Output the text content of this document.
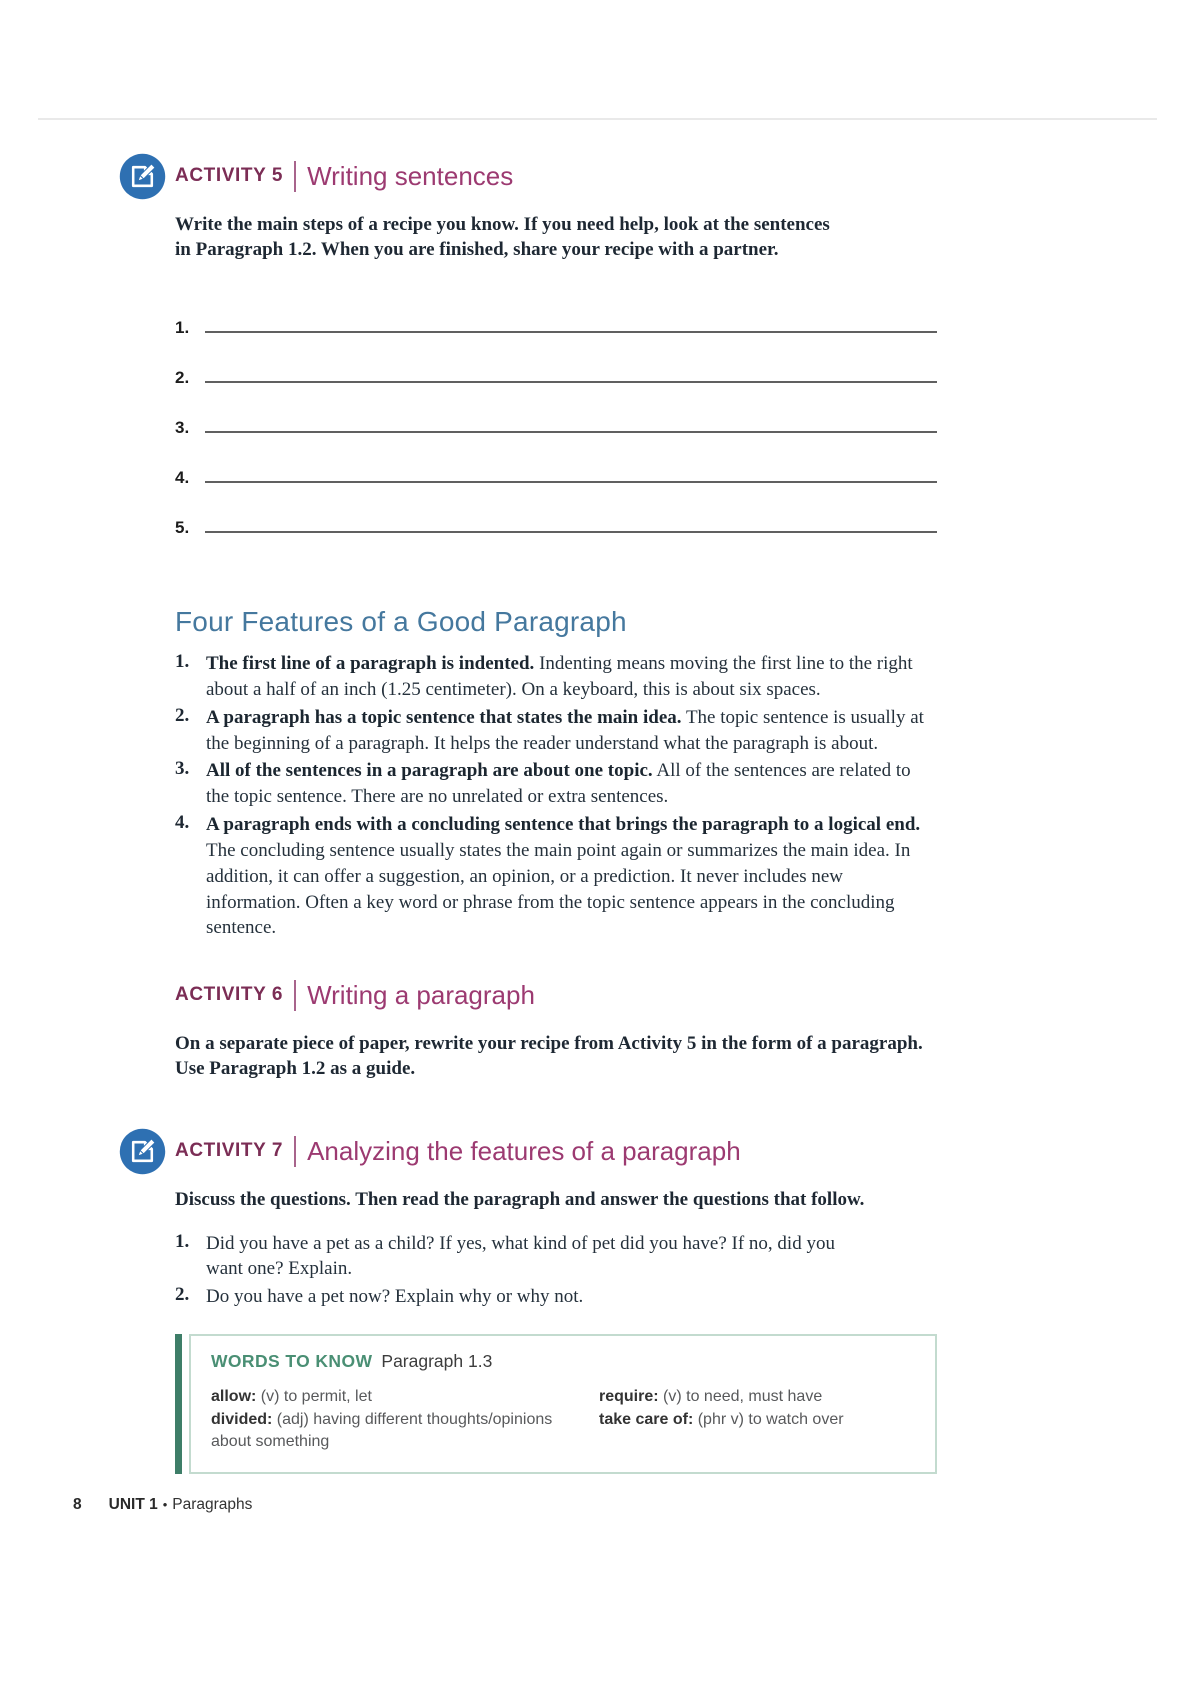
ACTIVITY 5 Writing sentences

Write the main steps of a recipe you know. If you need help, look at the sentences in Paragraph 1.2. When you are finished, share your recipe with a partner.

1.
2.
3.
4.
5.
Four Features of a Good Paragraph
1. The first line of a paragraph is indented. Indenting means moving the first line to the right about a half of an inch (1.25 centimeter). On a keyboard, this is about six spaces.
2. A paragraph has a topic sentence that states the main idea. The topic sentence is usually at the beginning of a paragraph. It helps the reader understand what the paragraph is about.
3. All of the sentences in a paragraph are about one topic. All of the sentences are related to the topic sentence. There are no unrelated or extra sentences.
4. A paragraph ends with a concluding sentence that brings the paragraph to a logical end. The concluding sentence usually states the main point again or summarizes the main idea. In addition, it can offer a suggestion, an opinion, or a prediction. It never includes new information. Often a key word or phrase from the topic sentence appears in the concluding sentence.
ACTIVITY 6 Writing a paragraph

On a separate piece of paper, rewrite your recipe from Activity 5 in the form of a paragraph. Use Paragraph 1.2 as a guide.

ACTIVITY 7 Analyzing the features of a paragraph

Discuss the questions. Then read the paragraph and answer the questions that follow.

1. Did you have a pet as a child? If yes, what kind of pet did you have? If no, did you want one? Explain.
2. Do you have a pet now? Explain why or why not.
WORDS TO KNOW Paragraph 1.3

allow: (v) to permit, let

divided: (adj) having different thoughts/opinions about something

require: (v) to need, must have

take care of: (phr v) to watch over

8 UNIT 1 • Paragraphs
